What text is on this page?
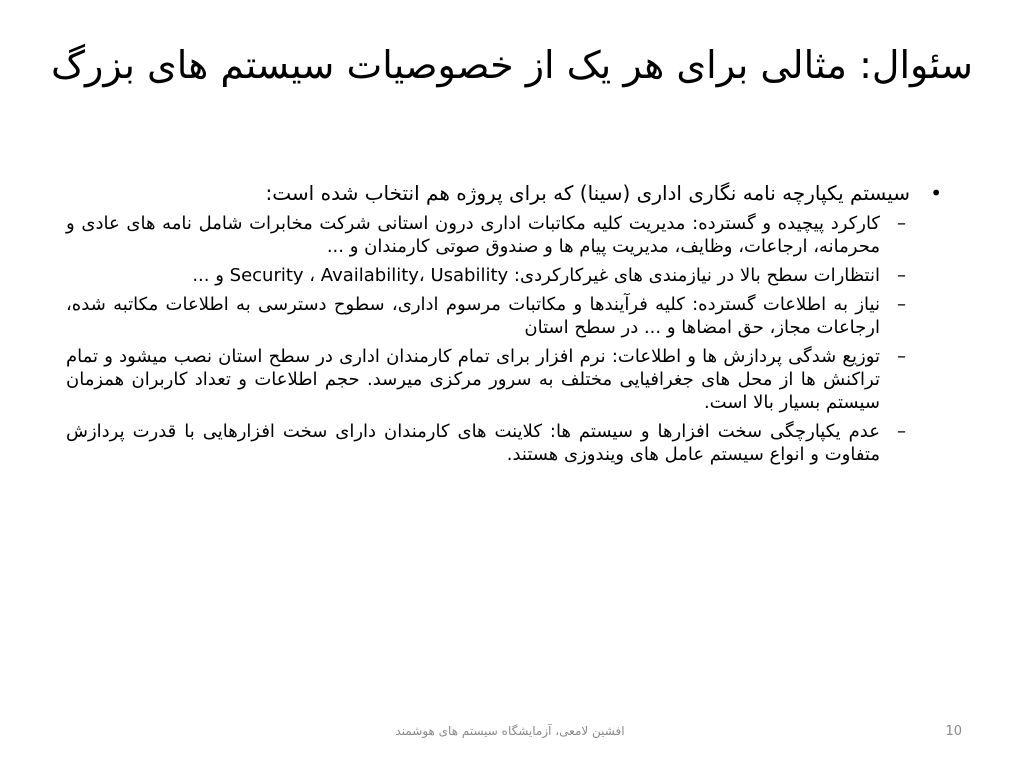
سئوال: مثالی برای هر یک از خصوصیات سیستم های بزرگ
•
سیستم یکپارچه نامه نگاری اداری (سینا) که برای پروژه هم انتخاب شده است:
–
کارکرد پیچیده و گسترده: مدیریت کلیه مکاتبات اداری درون استانی شرکت مخابرات شامل نامه های عادی و محرمانه، ارجاعات، وظایف، مدیریت پیام ها و صندوق صوتی کارمندان و ...
–
انتظارات سطح بالا در نیازمندی های غیرکارکردی: Security ، Availability، Usability و ...
–
نیاز به اطلاعات گسترده: کلیه فرآیندها و مکاتبات مرسوم اداری، سطوح دسترسی به اطلاعات مکاتبه شده، ارجاعات مجاز، حق امضاها و ... در سطح استان
–
توزیع شدگی پردازش ها و اطلاعات: نرم افزار برای تمام کارمندان اداری در سطح استان نصب میشود و تمام تراکنش ها از محل های جغرافیایی مختلف به سرور مرکزی میرسد. حجم اطلاعات و تعداد کاربران همزمان سیستم بسیار بالا است.
–
عدم یکپارچگی سخت افزارها و سیستم ها: کلاینت های کارمندان دارای سخت افزارهایی با قدرت پردازش متفاوت و انواع سیستم عامل های ویندوزی هستند.
افشین لامعی، آزمایشگاه سیستم های هوشمند	10
